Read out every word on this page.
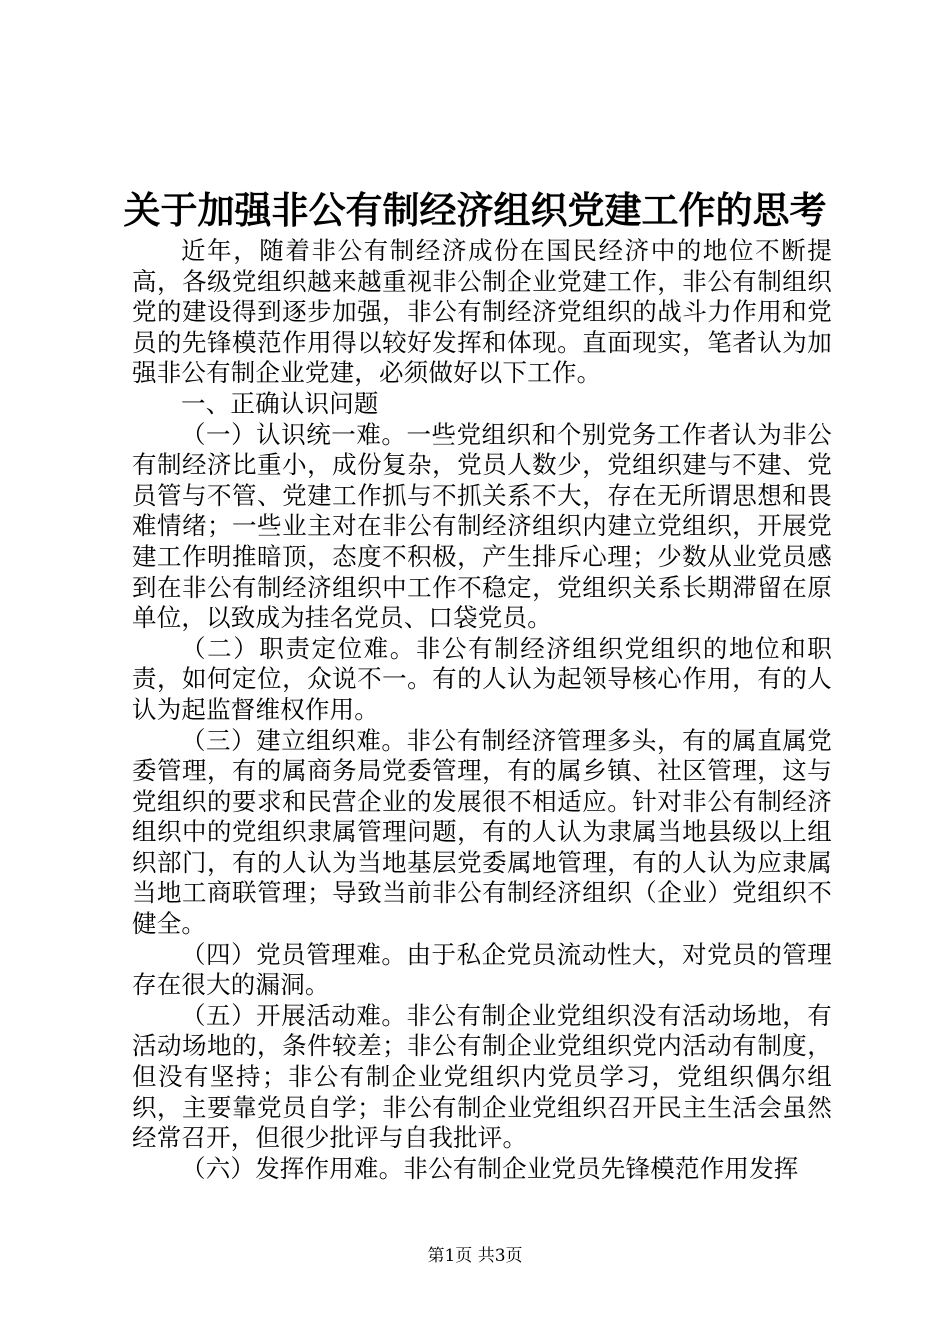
关于加强非公有制经济组织党建工作的思考

近年，随着非公有制经济成份在国民经济中的地位不断提高，各级党组织越来越重视非公制企业党建工作，非公有制组织党的建设得到逐步加强，非公有制经济党组织的战斗力作用和党员的先锋模范作用得以较好发挥和体现。直面现实，笔者认为加强非公有制企业党建，必须做好以下工作。

一、正确认识问题

（一）认识统一难。一些党组织和个别党务工作者认为非公有制经济比重小，成份复杂，党员人数少，党组织建与不建、党员管与不管、党建工作抓与不抓关系不大，存在无所谓思想和畏难情绪；一些业主对在非公有制经济组织内建立党组织，开展党建工作明推暗顶，态度不积极，产生排斥心理；少数从业党员感到在非公有制经济组织中工作不稳定，党组织关系长期滞留在原单位，以致成为挂名党员、口袋党员。

（二）职责定位难。非公有制经济组织党组织的地位和职责，如何定位，众说不一。有的人认为起领导核心作用，有的人认为起监督维权作用。

（三）建立组织难。非公有制经济管理多头，有的属直属党委管理，有的属商务局党委管理，有的属乡镇、社区管理，这与党组织的要求和民营企业的发展很不相适应。针对非公有制经济组织中的党组织隶属管理问题，有的人认为隶属当地县级以上组织部门，有的人认为当地基层党委属地管理，有的人认为应隶属当地工商联管理；导致当前非公有制经济组织（企业）党组织不健全。

（四）党员管理难。由于私企党员流动性大，对党员的管理存在很大的漏洞。

（五）开展活动难。非公有制企业党组织没有活动场地，有活动场地的，条件较差；非公有制企业党组织党内活动有制度，但没有坚持；非公有制企业党组织内党员学习，党组织偶尔组织，主要靠党员自学；非公有制企业党组织召开民主生活会虽然经常召开，但很少批评与自我批评。

（六）发挥作用难。非公有制企业党员先锋模范作用发挥

第1页 共3页
